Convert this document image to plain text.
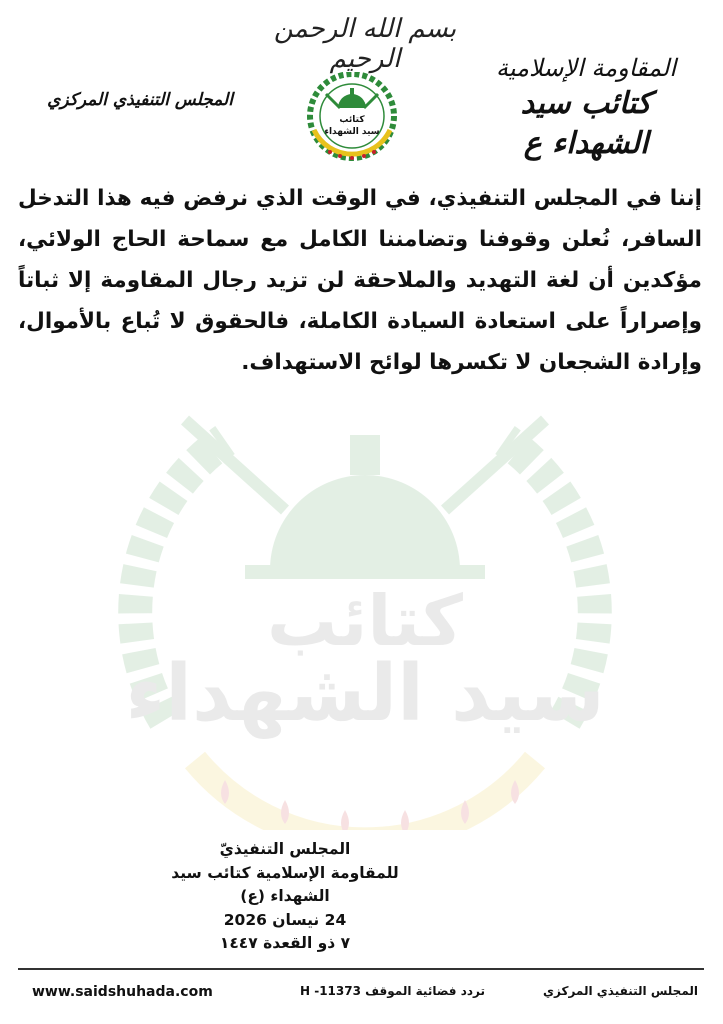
كتائب
سيد الشهداء
بسم الله الرحمن الرحيم	المقاومة الإسلامية
كتائب سيد الشهداء ع
المجلس التنفيذي المركزي
كتائب
سيد الشهداء

إننا في المجلس التنفيذي، في الوقت الذي نرفض فيه هذا التدخل السافر، نُعلن وقوفنا وتضامننا الكامل مع سماحة الحاج الولائي، مؤكدين أن لغة التهديد والملاحقة لن تزيد رجال المقاومة إلا ثباتاً وإصراراً على استعادة السيادة الكاملة، فالحقوق لا تُباع بالأموال، وإرادة الشجعان لا تكسرها لوائح الاستهداف.

المجلس التنفيذيّ
للمقاومة الإسلامية كتائب سيد الشهداء (ع)
24 نيسان 2026
٧ ذو القعدة ١٤٤٧
www.saidshuhada.com	تردد فضائية الموقف H -11373	المجلس التنفيذي المركزي
